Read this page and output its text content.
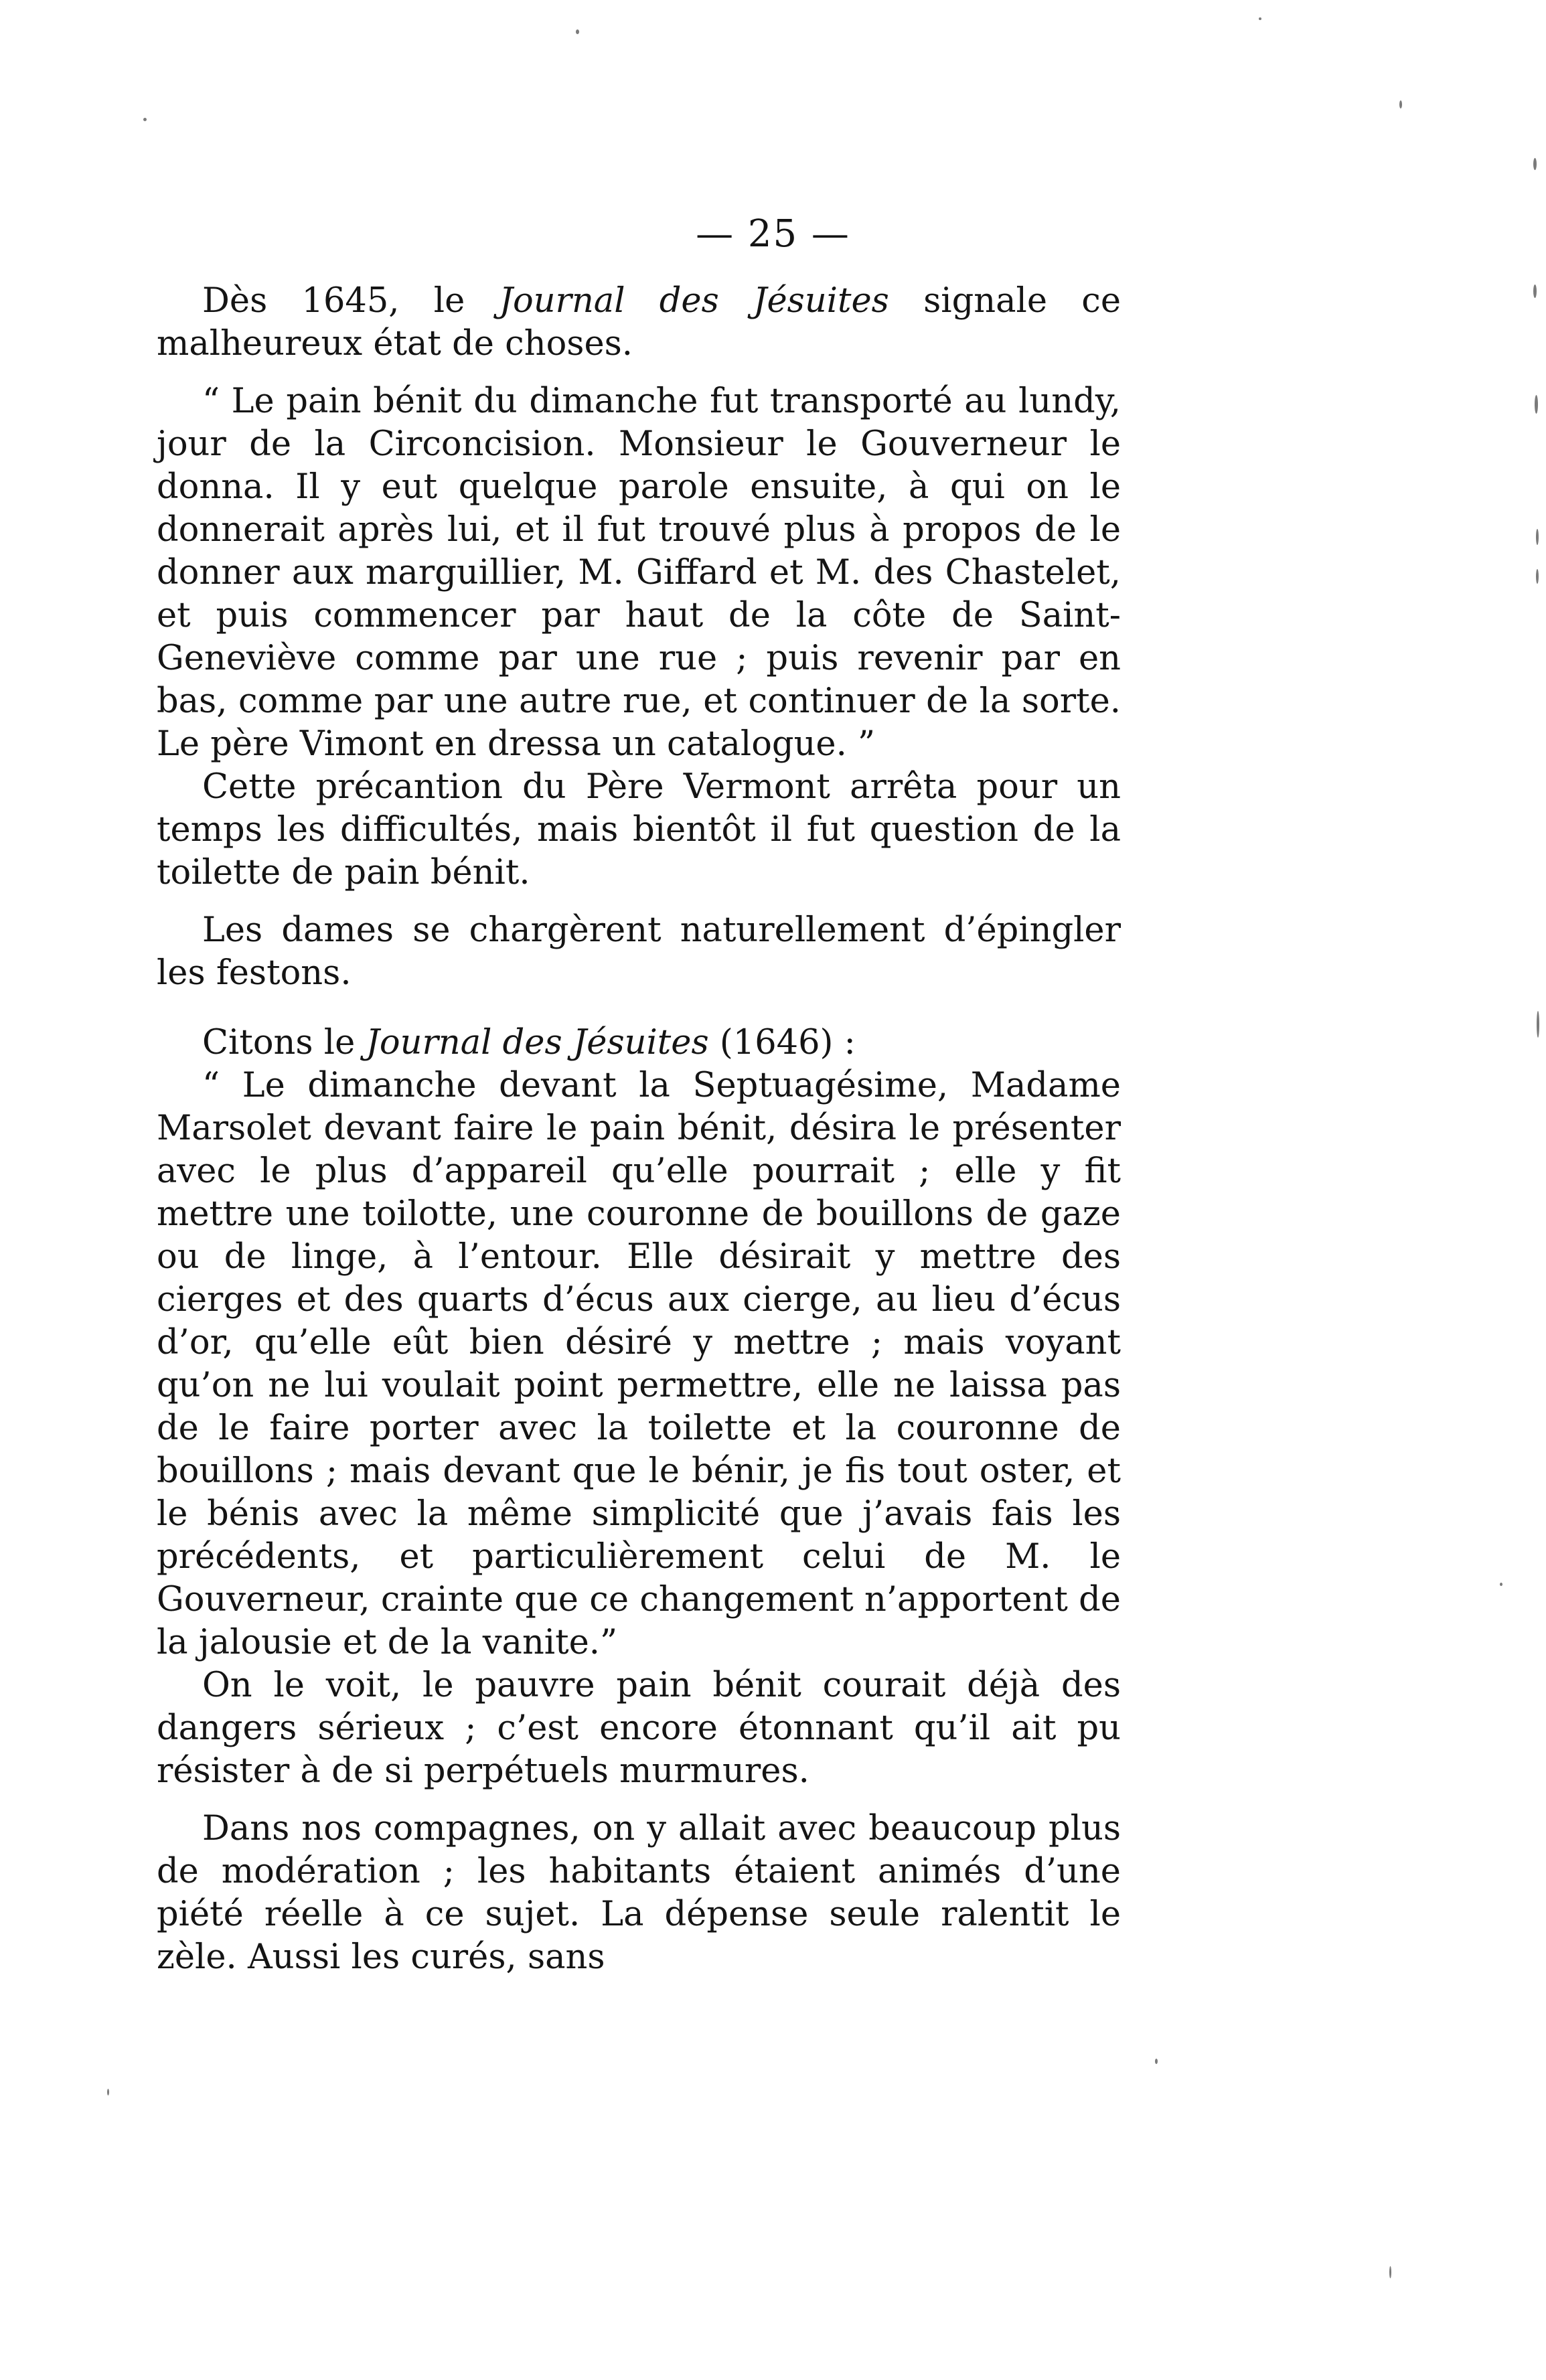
— 25 —

Dès 1645, le Journal des Jésuites signale ce malheureux état de choses.

“ Le pain bénit du dimanche fut transporté au lundy, jour de la Circoncision. Monsieur le Gouverneur le donna. Il y eut quelque parole ensuite, à qui on le donnerait après lui, et il fut trouvé plus à propos de le donner aux marguillier, M. Giffard et M. des Chastelet, et puis commencer par haut de la côte de Saint-Geneviève comme par une rue ; puis revenir par en bas, comme par une autre rue, et continuer de la sorte. Le père Vimont en dressa un catalogue. ”

Cette précantion du Père Vermont arrêta pour un temps les difficultés, mais bientôt il fut question de la toilette de pain bénit.

Les dames se chargèrent naturellement d’épingler les festons.

Citons le Journal des Jésuites (1646) :

“ Le dimanche devant la Septuagésime, Madame Marsolet devant faire le pain bénit, désira le présenter avec le plus d’appareil qu’elle pourrait ; elle y fit mettre une toilotte, une couronne de bouillons de gaze ou de linge, à l’entour. Elle désirait y mettre des cierges et des quarts d’écus aux cierge, au lieu d’écus d’or, qu’elle eût bien désiré y mettre ; mais voyant qu’on ne lui voulait point permettre, elle ne laissa pas de le faire porter avec la toilette et la couronne de bouillons ; mais devant que le bénir, je fis tout oster, et le bénis avec la même simplicité que j’avais fais les précédents, et particulièrement celui de M. le Gouverneur, crainte que ce changement n’apportent de la jalousie et de la vanite.”

On le voit, le pauvre pain bénit courait déjà des dangers sérieux ; c’est encore étonnant qu’il ait pu résister à de si perpétuels murmures.

Dans nos compagnes, on y allait avec beaucoup plus de modération ; les habitants étaient animés d’une piété réelle à ce sujet. La dépense seule ralentit le zèle. Aussi les curés, sans
